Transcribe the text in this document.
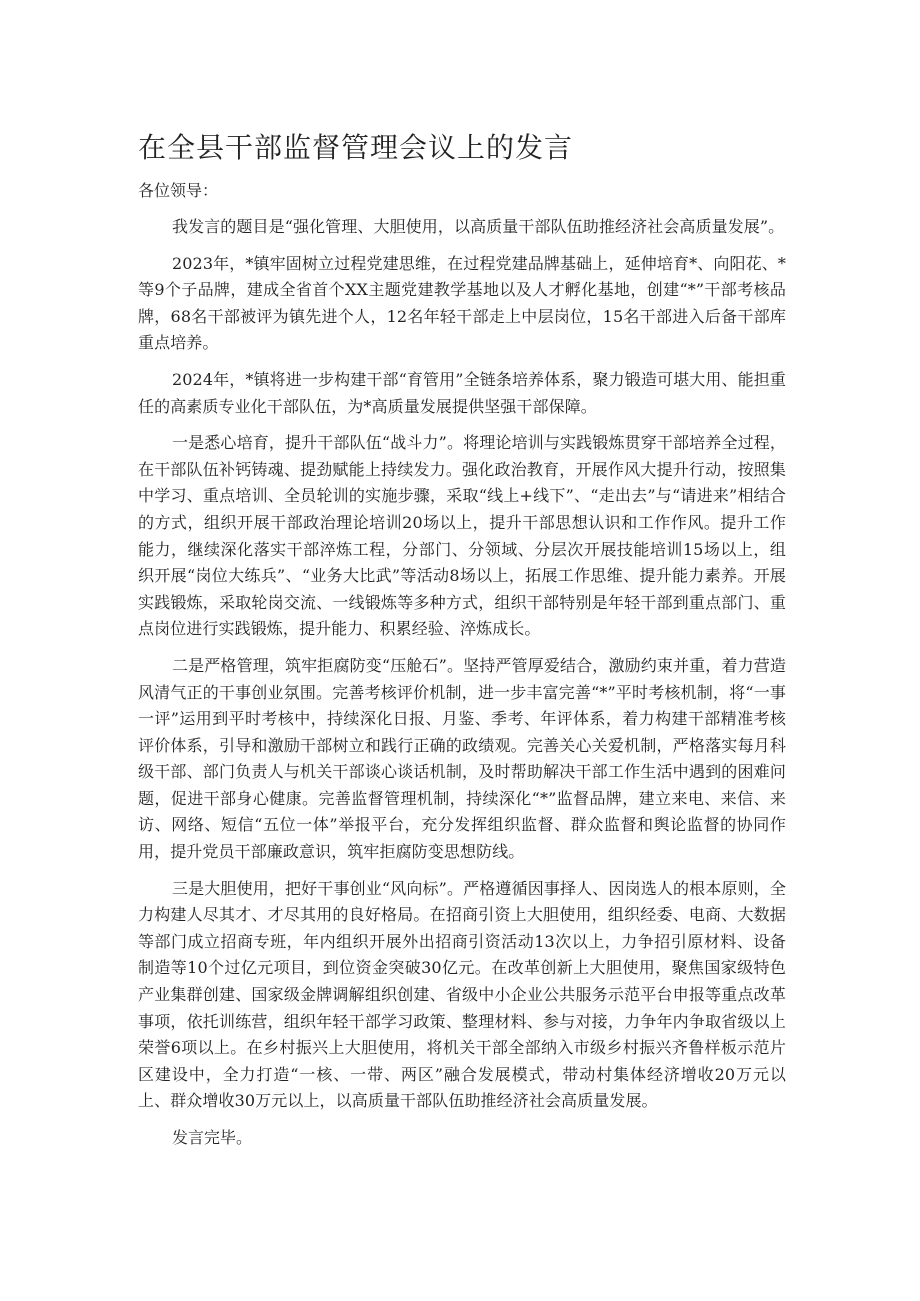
在全县干部监督管理会议上的发言

各位领导：

我发言的题目是“强化管理、大胆使用，以高质量干部队伍助推经济社会高质量发展”。

2023年，*镇牢固树立过程党建思维，在过程党建品牌基础上，延伸培育*、向阳花、*等9个子品牌，建成全省首个XX主题党建教学基地以及人才孵化基地，创建“*”干部考核品牌，68名干部被评为镇先进个人，12名年轻干部走上中层岗位，15名干部进入后备干部库重点培养。

2024年，*镇将进一步构建干部“育管用”全链条培养体系，聚力锻造可堪大用、能担重任的高素质专业化干部队伍，为*高质量发展提供坚强干部保障。

一是悉心培育，提升干部队伍“战斗力”。将理论培训与实践锻炼贯穿干部培养全过程，在干部队伍补钙铸魂、提劲赋能上持续发力。强化政治教育，开展作风大提升行动，按照集中学习、重点培训、全员轮训的实施步骤，采取“线上+线下”、“走出去”与“请进来”相结合的方式，组织开展干部政治理论培训20场以上，提升干部思想认识和工作作风。提升工作能力，继续深化落实干部淬炼工程，分部门、分领域、分层次开展技能培训15场以上，组织开展“岗位大练兵”、“业务大比武”等活动8场以上，拓展工作思维、提升能力素养。开展实践锻炼，采取轮岗交流、一线锻炼等多种方式，组织干部特别是年轻干部到重点部门、重点岗位进行实践锻炼，提升能力、积累经验、淬炼成长。

二是严格管理，筑牢拒腐防变“压舱石”。坚持严管厚爱结合，激励约束并重，着力营造风清气正的干事创业氛围。完善考核评价机制，进一步丰富完善“*”平时考核机制，将“一事一评”运用到平时考核中，持续深化日报、月鉴、季考、年评体系，着力构建干部精准考核评价体系，引导和激励干部树立和践行正确的政绩观。完善关心关爱机制，严格落实每月科级干部、部门负责人与机关干部谈心谈话机制，及时帮助解决干部工作生活中遇到的困难问题，促进干部身心健康。完善监督管理机制，持续深化“*”监督品牌，建立来电、来信、来访、网络、短信“五位一体”举报平台，充分发挥组织监督、群众监督和舆论监督的协同作用，提升党员干部廉政意识，筑牢拒腐防变思想防线。

三是大胆使用，把好干事创业“风向标”。严格遵循因事择人、因岗选人的根本原则，全力构建人尽其才、才尽其用的良好格局。在招商引资上大胆使用，组织经委、电商、大数据等部门成立招商专班，年内组织开展外出招商引资活动13次以上，力争招引原材料、设备制造等10个过亿元项目，到位资金突破30亿元。在改革创新上大胆使用，聚焦国家级特色产业集群创建、国家级金牌调解组织创建、省级中小企业公共服务示范平台申报等重点改革事项，依托训练营，组织年轻干部学习政策、整理材料、参与对接，力争年内争取省级以上荣誉6项以上。在乡村振兴上大胆使用，将机关干部全部纳入市级乡村振兴齐鲁样板示范片区建设中，全力打造“一核、一带、两区”融合发展模式，带动村集体经济增收20万元以上、群众增收30万元以上，以高质量干部队伍助推经济社会高质量发展。

发言完毕。
